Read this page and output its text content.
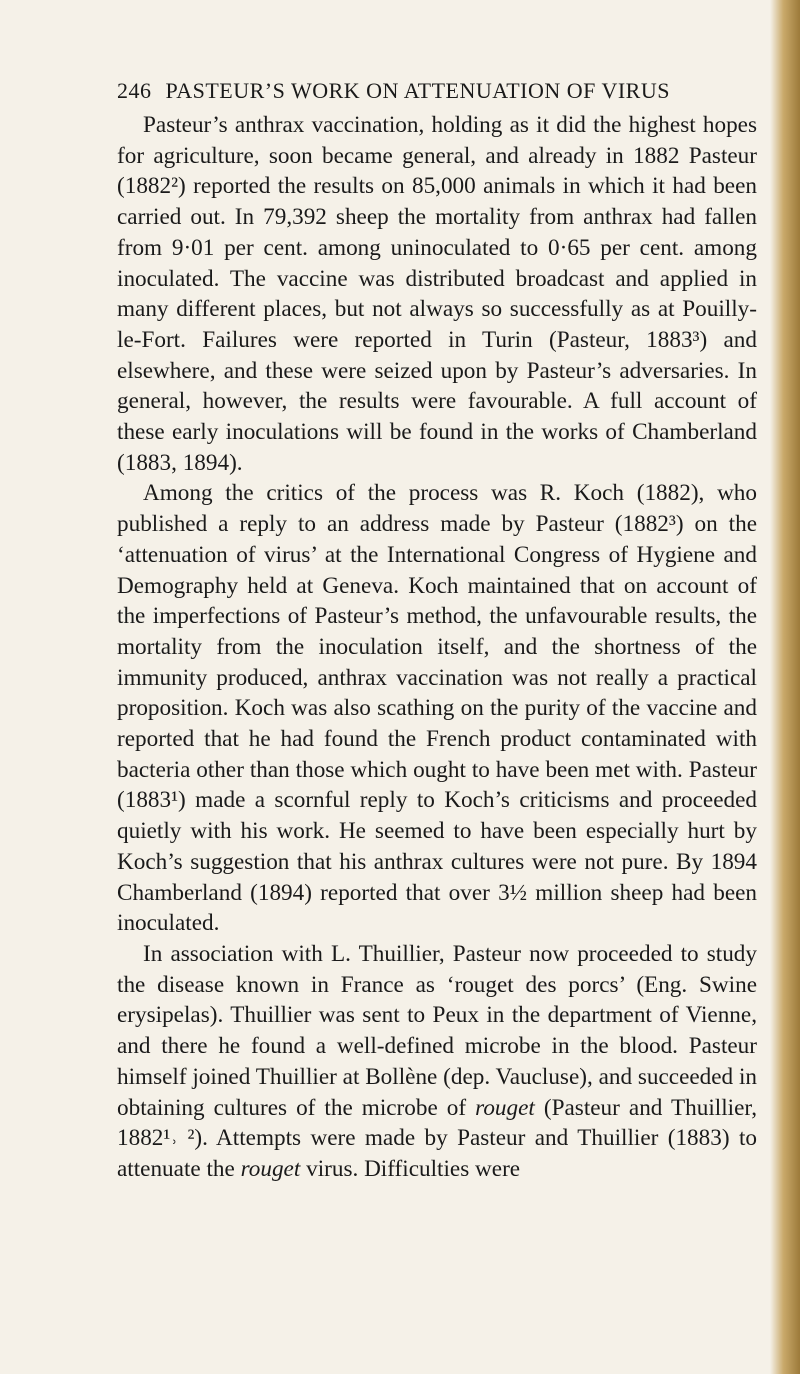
246 PASTEUR’S WORK ON ATTENUATION OF VIRUS

Pasteur’s anthrax vaccination, holding as it did the highest hopes for agriculture, soon became general, and already in 1882 Pasteur (1882²) reported the results on 85,000 animals in which it had been carried out. In 79,392 sheep the mortality from anthrax had fallen from 9·01 per cent. among uninoculated to 0·65 per cent. among inoculated. The vaccine was distributed broadcast and applied in many different places, but not always so successfully as at Pouilly-le-Fort. Failures were reported in Turin (Pasteur, 1883³) and elsewhere, and these were seized upon by Pasteur’s adversaries. In general, however, the results were favourable. A full account of these early inoculations will be found in the works of Chamberland (1883, 1894).

Among the critics of the process was R. Koch (1882), who published a reply to an address made by Pasteur (1882³) on the ‘attenuation of virus’ at the International Congress of Hygiene and Demography held at Geneva. Koch maintained that on account of the imperfections of Pasteur’s method, the unfavourable results, the mortality from the inoculation itself, and the shortness of the immunity produced, anthrax vaccination was not really a practical proposition. Koch was also scathing on the purity of the vaccine and reported that he had found the French product contaminated with bacteria other than those which ought to have been met with. Pasteur (1883¹) made a scornful reply to Koch’s criticisms and proceeded quietly with his work. He seemed to have been especially hurt by Koch’s suggestion that his anthrax cultures were not pure. By 1894 Chamberland (1894) reported that over 3½ million sheep had been inoculated.

In association with L. Thuillier, Pasteur now proceeded to study the disease known in France as ‘rouget des porcs’ (Eng. Swine erysipelas). Thuillier was sent to Peux in the department of Vienne, and there he found a well-defined microbe in the blood. Pasteur himself joined Thuillier at Bollène (dep. Vaucluse), and succeeded in obtaining cultures of the microbe of rouget (Pasteur and Thuillier, 1882¹˒ ²). Attempts were made by Pasteur and Thuillier (1883) to attenuate the rouget virus. Difficulties were
